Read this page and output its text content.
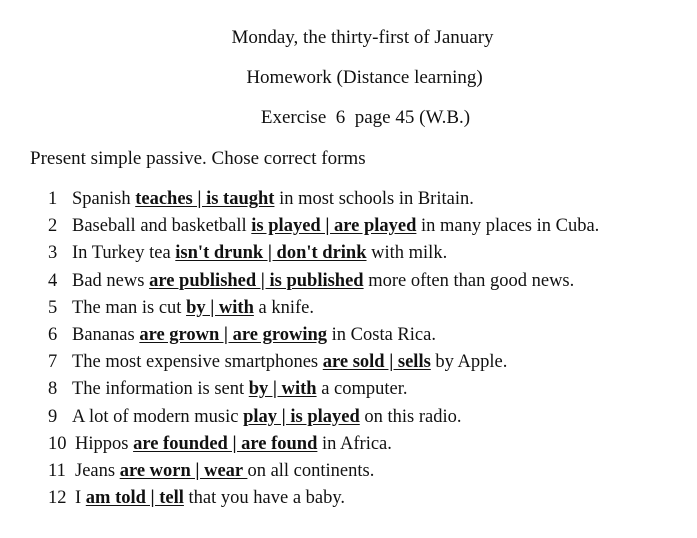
Monday, the thirty-first of January
Homework (Distance learning)
Exercise  6  page 45 (W.B.)
Present simple passive. Chose correct forms
1 Spanish teaches | is taught in most schools in Britain.
2 Baseball and basketball is played | are played in many places in Cuba.
3 In Turkey tea isn't drunk | don't drink with milk.
4 Bad news are published | is published more often than good news.
5 The man is cut by | with a knife.
6 Bananas are grown | are growing in Costa Rica.
7 The most expensive smartphones are sold | sells by Apple.
8 The information is sent by | with a computer.
9 A lot of modern music play | is played on this radio.
10 Hippos are founded | are found in Africa.
11 Jeans are worn | wear on all continents.
12 I am told | tell that you have a baby.
